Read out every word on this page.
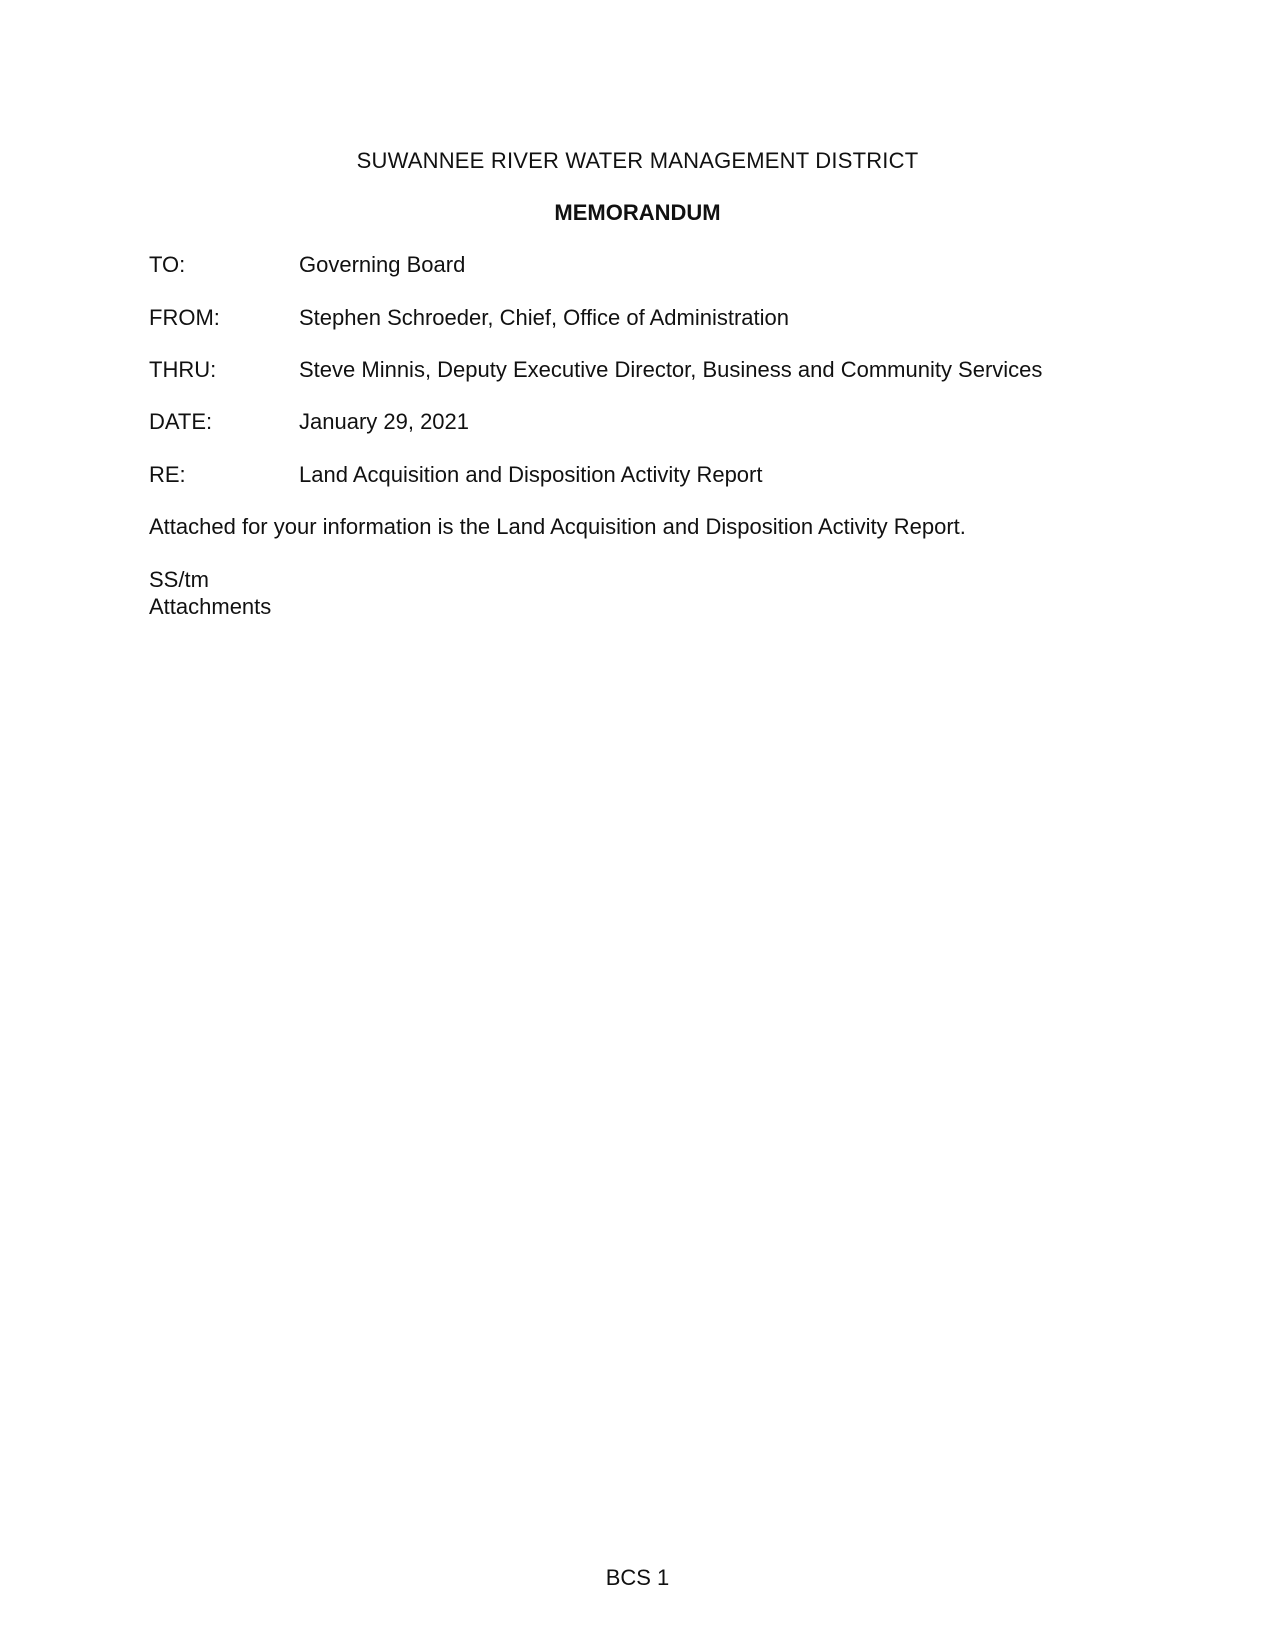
SUWANNEE RIVER WATER MANAGEMENT DISTRICT
MEMORANDUM
TO:	Governing Board
FROM:	Stephen Schroeder, Chief, Office of Administration
THRU:	Steve Minnis, Deputy Executive Director, Business and Community Services
DATE:	January 29, 2021
RE:	Land Acquisition and Disposition Activity Report
Attached for your information is the Land Acquisition and Disposition Activity Report.
SS/tm
Attachments
BCS 1
